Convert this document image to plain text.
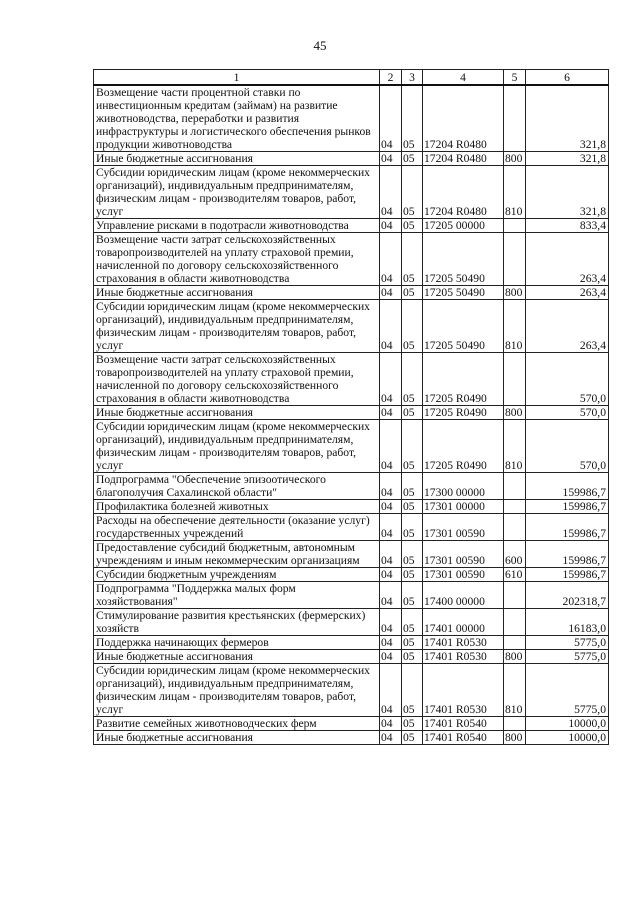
45
1	2	3	4	5	6
Возмещение части процентной ставки по инвестиционным кредитам (займам) на развитие животноводства, переработки и развития инфраструктуры и логистического обеспечения рынков продукции животноводства	04	05	17204 R0480		321,8
Иные бюджетные ассигнования	04	05	17204 R0480	800	321,8
Субсидии юридическим лицам (кроме некоммерческих организаций), индивидуальным предпринимателям, физическим лицам - производителям товаров, работ, услуг	04	05	17204 R0480	810	321,8
Управление рисками в подотрасли животноводства	04	05	17205 00000		833,4
Возмещение части затрат сельскохозяйственных товаропроизводителей на уплату страховой премии, начисленной по договору сельскохозяйственного страхования в области животноводства	04	05	17205 50490		263,4
Иные бюджетные ассигнования	04	05	17205 50490	800	263,4
Субсидии юридическим лицам (кроме некоммерческих организаций), индивидуальным предпринимателям, физическим лицам - производителям товаров, работ, услуг	04	05	17205 50490	810	263,4
Возмещение части затрат сельскохозяйственных товаропроизводителей на уплату страховой премии, начисленной по договору сельскохозяйственного страхования в области животноводства	04	05	17205 R0490		570,0
Иные бюджетные ассигнования	04	05	17205 R0490	800	570,0
Субсидии юридическим лицам (кроме некоммерческих организаций), индивидуальным предпринимателям, физическим лицам - производителям товаров, работ, услуг	04	05	17205 R0490	810	570,0
Подпрограмма "Обеспечение эпизоотического благополучия Сахалинской области"	04	05	17300 00000		159986,7
Профилактика болезней животных	04	05	17301 00000		159986,7
Расходы на обеспечение деятельности (оказание услуг) государственных учреждений	04	05	17301 00590		159986,7
Предоставление субсидий бюджетным, автономным учреждениям и иным некоммерческим организациям	04	05	17301 00590	600	159986,7
Субсидии бюджетным учреждениям	04	05	17301 00590	610	159986,7
Подпрограмма "Поддержка малых форм хозяйствования"	04	05	17400 00000		202318,7
Стимулирование развития крестьянских (фермерских) хозяйств	04	05	17401 00000		16183,0
Поддержка начинающих фермеров	04	05	17401 R0530		5775,0
Иные бюджетные ассигнования	04	05	17401 R0530	800	5775,0
Субсидии юридическим лицам (кроме некоммерческих организаций), индивидуальным предпринимателям, физическим лицам - производителям товаров, работ, услуг	04	05	17401 R0530	810	5775,0
Развитие семейных животноводческих ферм	04	05	17401 R0540		10000,0
Иные бюджетные ассигнования	04	05	17401 R0540	800	10000,0
